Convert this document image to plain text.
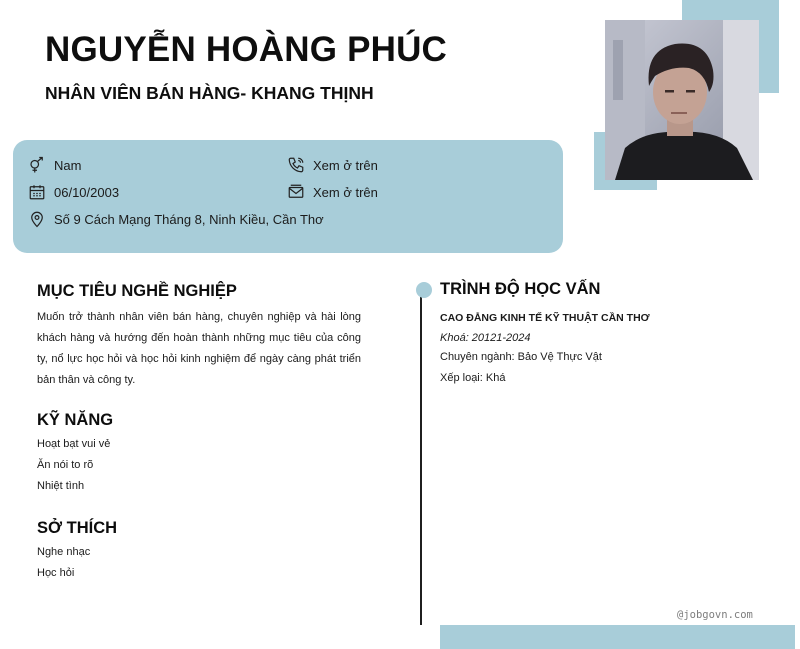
NGUYỄN HOÀNG PHÚC
NHÂN VIÊN BÁN HÀNG- KHANG THỊNH
Nam
06/10/2003
Số 9 Cách Mạng Tháng 8, Ninh Kiều, Cần Thơ
Xem ở trên
Xem ở trên
MỤC TIÊU NGHỀ NGHIỆP
Muốn trở thành nhân viên bán hàng, chuyên nghiệp và hài lòng khách hàng và hướng đến hoàn thành những mục tiêu của công ty, nổ lực học hỏi và học hỏi kinh nghiệm để ngày càng phát triển bản thân và công ty.
KỸ NĂNG
Hoạt bạt vui vẻ
Ăn nói to rõ
Nhiệt tình
SỞ THÍCH
Nghe nhạc
Học hỏi
TRÌNH ĐỘ HỌC VẤN
CAO ĐẲNG KINH TẾ KỸ THUẬT CẦN THƠ
Khoá: 20121-2024
Chuyên ngành: Bảo Vệ Thực Vật
Xếp loại: Khá
@jobgovn.com
